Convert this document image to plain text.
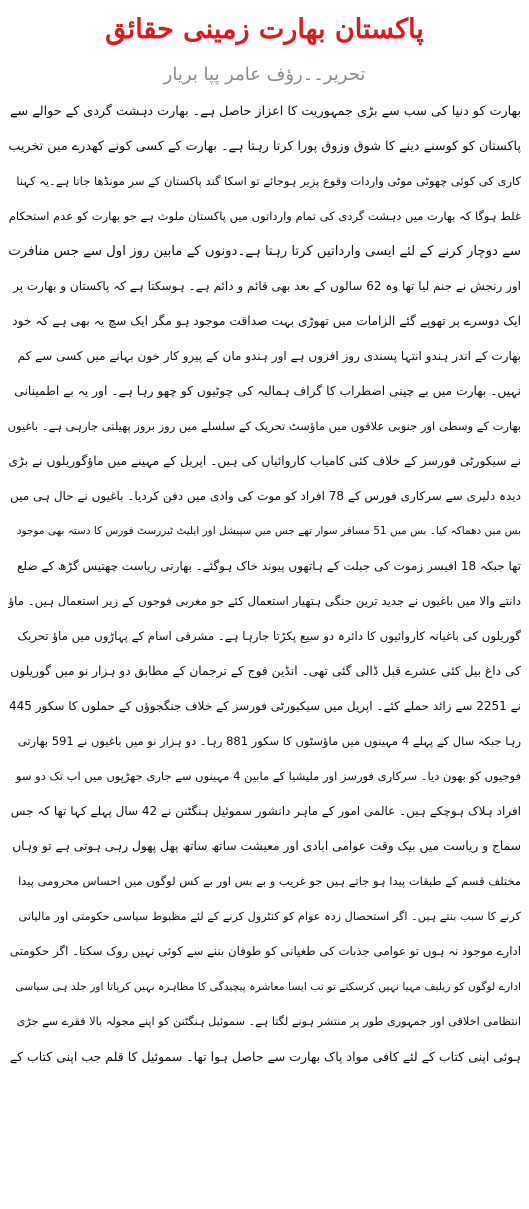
پاکستان بھارت زمینی حقائق
تحریر۔۔رؤف عامر پپا بریار
بھارت کو دنیا کی سب سے بڑی جمہوریت کا اعزاز حاصل ہے۔ بھارت دہشت گردی کے حوالے سے
پاکستان کو کوسنے دینے کا شوق وزوق پورا کرتا رہتا ہے۔ بھارت کے کسی کونے کھدرے میں تخریب
کاری کی کوئی چھوٹی موٹی واردات وقوع پزیر ہوجائے تو اسکا گند پاکستان کے سر مونڈھا جاتا ہے۔یہ کہنا
غلط ہوگا کہ بھارت میں دہشت گردی کی تمام وارداتوں میں پاکستان ملوث ہے جو بھارت کو عدم استحکام
سے دوچار کرنے کے لئے ایسی وارداتیں کرتا رہتا ہے۔دونوں کے مابین روز اول سے جس منافرت
اور رنجش نے جنم لیا تھا وہ 62 سالوں کے بعد بھی قائم و دائم ہے۔ ہوسکتا ہے کہ پاکستان و بھارت پر
ایک دوسرے پر تھوپے گئے الزامات میں تھوڑی بہت صداقت موجود ہو مگر ایک سچ یہ بھی ہے کہ خود
بھارت کے اندر ہندو انتہا پسندی روز افزوں ہے اور ہندو مان کے پیرو کار خون بہانے میں کسی سے کم
نہیں۔ بھارت میں بے چینی اضطراب کا گراف ہمالیہ کی چوٹیوں کو چھو رہا ہے۔ اور یہ بے اطمینانی
بھارت کے وسطی اور جنوبی علاقوں میں ماؤسٹ تحریک کے سلسلے میں روز بروز پھیلتی جارہی ہے۔ باغیوں
نے سیکورٹی فورسز کے خلاف کئی کامیاب کاروائیاں کی ہیں۔ اپریل کے مہینے میں ماؤگوریلوں نے بڑی
دیدہ دلیری سے سرکاری فورس کے 78 افراد کو موت کی وادی میں دفن کردیا۔ باغیوں نے حال ہی میں
بس میں دھماکہ کیا۔ بس میں 51 مسافر سوار تھے جس میں سپیشل اور ایلیٹ ٹیررسٹ فورس کا دستہ بھی موجود
تھا جبکہ 18 افیسر زموت کی جبلت کے ہاتھوں پیوند خاک ہوگئے۔ بھارتی ریاست چھتیس گڑھ کے ضلع
دانتے والا میں باغیوں نے جدید ترین جنگی ہتھیار استعمال کئے جو مغربی فوجوں کے زیر استعمال ہیں۔ ماؤ
گوریلوں کی باغیانہ کاروائیوں کا دائرہ دو سیع پکڑتا جارہا ہے۔ مشرقی اسام کے پہاڑوں میں ماؤ تحریک
کی داغ بیل کئی عشرے قبل ڈالی گئی تھی۔ انڈین فوج کے ترجمان کے مطابق دو ہزار نو میں گوریلوں
نے 2251 سے زائد حملے کئے۔ اپریل میں سیکیورٹی فورسز کے خلاف جنگجوؤں کے حملوں کا سکور 445
رہا جبکہ سال کے پہلے 4 مہینوں میں ماؤسٹوں کا سکور 881 رہا۔ دو ہزار نو میں باغیوں نے 591 بھارتی
فوجیوں کو بھون دیا۔ سرکاری فورسز اور ملیشیا کے مابین 4 مہینوں سے جاری جھڑپوں میں اب تک دو سو
افراد ہلاک ہوچکے ہیں۔ عالمی امور کے ماہر دانشور سموئیل ہنگٹنن نے 42 سال پہلے کہا تھا کہ جس
سماج و ریاست میں بیک وقت عوامی ابادی اور معیشت ساتھ ساتھ پھل پھول رہی ہوتی ہے تو وہاں
مختلف قسم کے طبقات پیدا ہو جاتے ہیں جو غریب و بے بس اور بے کس لوگوں میں احساس محرومی پیدا
کرنے کا سبب بنتے ہیں۔ اگر استحصال زدہ عوام کو کنٹرول کرنے کے لئے مظبوط سیاسی حکومتی اور مالیاتی
ادارے موجود نہ ہوں تو عوامی جذبات کی طغیانی کو طوفان بننے سے کوئی نہیں روک سکتا۔ اگر حکومتی
ادارے لوگوں کو ریلیف مہیا نہیں کرسکتے تو تب ایسا معاشرہ پیچیدگی کا مظاہرہ نہیں کرپاتا اور جلد ہی سیاسی
انتظامی اخلاقی اور جمہوری طور پر منتشر ہونے لگتا ہے۔ سموئیل ہنگٹنن کو اپنے مجولہ بالا فقرے سے جڑی
ہوئی اپنی کتاب کے لئے کافی مواد پاک بھارت سے حاصل ہوا تھا۔ سموئیل کا قلم جب اپنی کتاب کے
